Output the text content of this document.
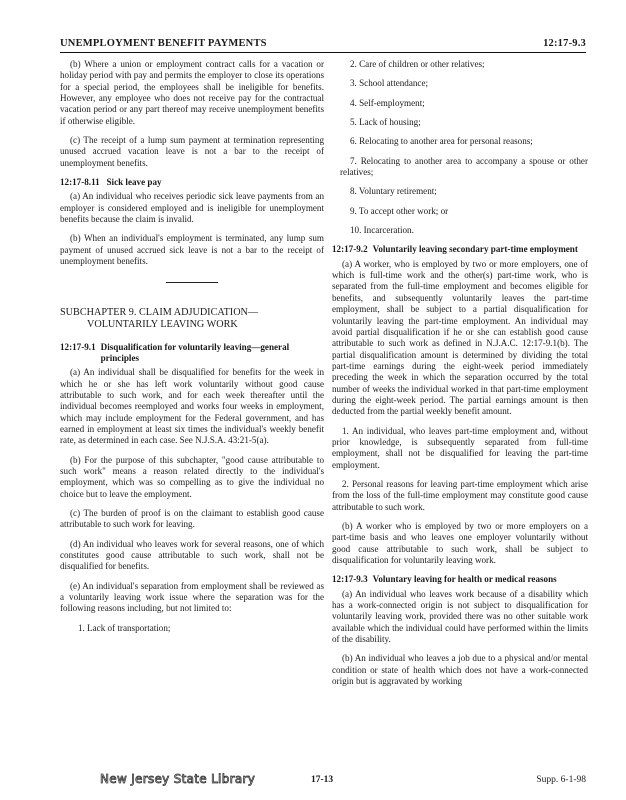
UNEMPLOYMENT BENEFIT PAYMENTS	12:17-9.3

(b) Where a union or employment contract calls for a vacation or holiday period with pay and permits the employer to close its operations for a special period, the employees shall be ineligible for benefits. However, any employee who does not receive pay for the contractual vacation period or any part thereof may receive unemployment benefits if otherwise eligible.

(c) The receipt of a lump sum payment at termination representing unused accrued vacation leave is not a bar to the receipt of unemployment benefits.

12:17-8.11 Sick leave pay

(a) An individual who receives periodic sick leave payments from an employer is considered employed and is ineligible for unemployment benefits because the claim is invalid.

(b) When an individual's employment is terminated, any lump sum payment of unused accrued sick leave is not a bar to the receipt of unemployment benefits.

SUBCHAPTER 9. CLAIM ADJUDICATION—
VOLUNTARILY LEAVING WORK
12:17-9.1 Disqualification for voluntarily leaving—general principles

(a) An individual shall be disqualified for benefits for the week in which he or she has left work voluntarily without good cause attributable to such work, and for each week thereafter until the individual becomes reemployed and works four weeks in employment, which may include employment for the Federal government, and has earned in employment at least six times the individual's weekly benefit rate, as determined in each case. See N.J.S.A. 43:21-5(a).

(b) For the purpose of this subchapter, "good cause attributable to such work" means a reason related directly to the individual's employment, which was so compelling as to give the individual no choice but to leave the employment.

(c) The burden of proof is on the claimant to establish good cause attributable to such work for leaving.

(d) An individual who leaves work for several reasons, one of which constitutes good cause attributable to such work, shall not be disqualified for benefits.

(e) An individual's separation from employment shall be reviewed as a voluntarily leaving work issue where the separation was for the following reasons including, but not limited to:

1. Lack of transportation;

2. Care of children or other relatives;

3. School attendance;

4. Self-employment;

5. Lack of housing;

6. Relocating to another area for personal reasons;

7. Relocating to another area to accompany a spouse or other relatives;

8. Voluntary retirement;

9. To accept other work; or

10. Incarceration.

12:17-9.2 Voluntarily leaving secondary part-time employment

(a) A worker, who is employed by two or more employers, one of which is full-time work and the other(s) part-time work, who is separated from the full-time employment and becomes eligible for benefits, and subsequently voluntarily leaves the part-time employment, shall be subject to a partial disqualification for voluntarily leaving the part-time employment. An individual may avoid partial disqualification if he or she can establish good cause attributable to such work as defined in N.J.A.C. 12:17-9.1(b). The partial disqualification amount is determined by dividing the total part-time earnings during the eight-week period immediately preceding the week in which the separation occurred by the total number of weeks the individual worked in that part-time employment during the eight-week period. The partial earnings amount is then deducted from the partial weekly benefit amount.

1. An individual, who leaves part-time employment and, without prior knowledge, is subsequently separated from full-time employment, shall not be disqualified for leaving the part-time employment.

2. Personal reasons for leaving part-time employment which arise from the loss of the full-time employment may constitute good cause attributable to such work.

(b) A worker who is employed by two or more employers on a part-time basis and who leaves one employer voluntarily without good cause attributable to such work, shall be subject to disqualification for voluntarily leaving work.

12:17-9.3 Voluntary leaving for health or medical reasons

(a) An individual who leaves work because of a disability which has a work-connected origin is not subject to disqualification for voluntarily leaving work, provided there was no other suitable work available which the individual could have performed within the limits of the disability.

(b) An individual who leaves a job due to a physical and/or mental condition or state of health which does not have a work-connected origin but is aggravated by working

New Jersey State Library	17-13	Supp. 6-1-98
